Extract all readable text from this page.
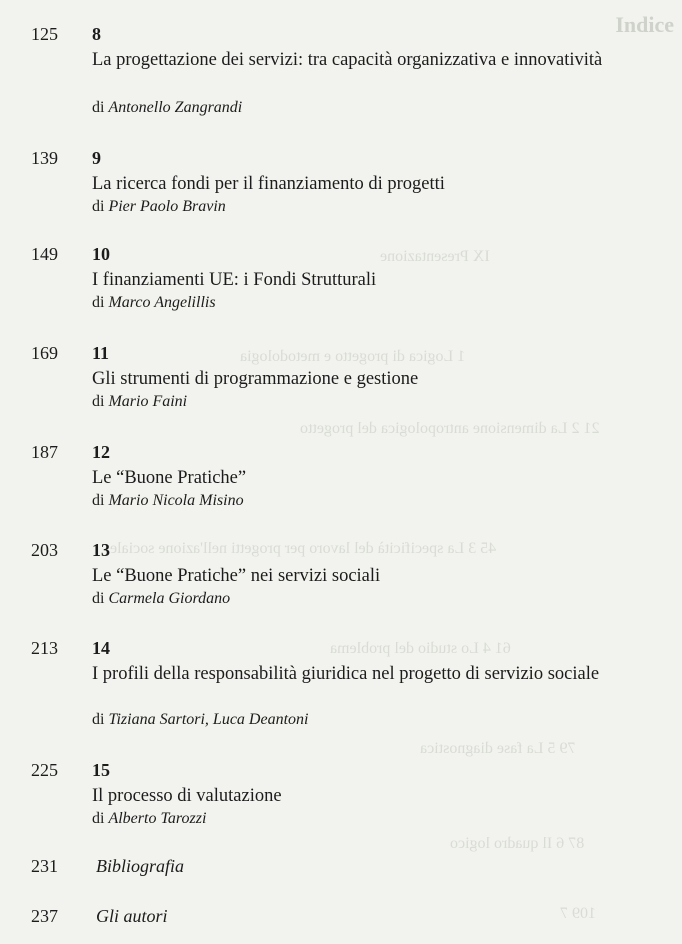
Indice
IX Presentazione
1 Logica di progetto e metodologia
21 2 La dimensione antropologica del progetto
45 3 La specificità del lavoro per progetti nell'azione sociale
61 4 Lo studio del problema
79 5 La fase diagnostica
87 6 Il quadro logico
109 7
125 8
La progettazione dei servizi: tra capacità organizzativa e innovatività
di Antonello Zangrandi
139 9
La ricerca fondi per il finanziamento di progetti
di Pier Paolo Bravin
149 10
I finanziamenti UE: i Fondi Strutturali
di Marco Angelillis
169 11
Gli strumenti di programmazione e gestione
di Mario Faini
187 12
Le “Buone Pratiche”
di Mario Nicola Misino
203 13
Le “Buone Pratiche” nei servizi sociali
di Carmela Giordano
213 14
I profili della responsabilità giuridica nel progetto di servizio sociale
di Tiziana Sartori, Luca Deantoni
225 15
Il processo di valutazione
di Alberto Tarozzi
231 Bibliografia
237 Gli autori
